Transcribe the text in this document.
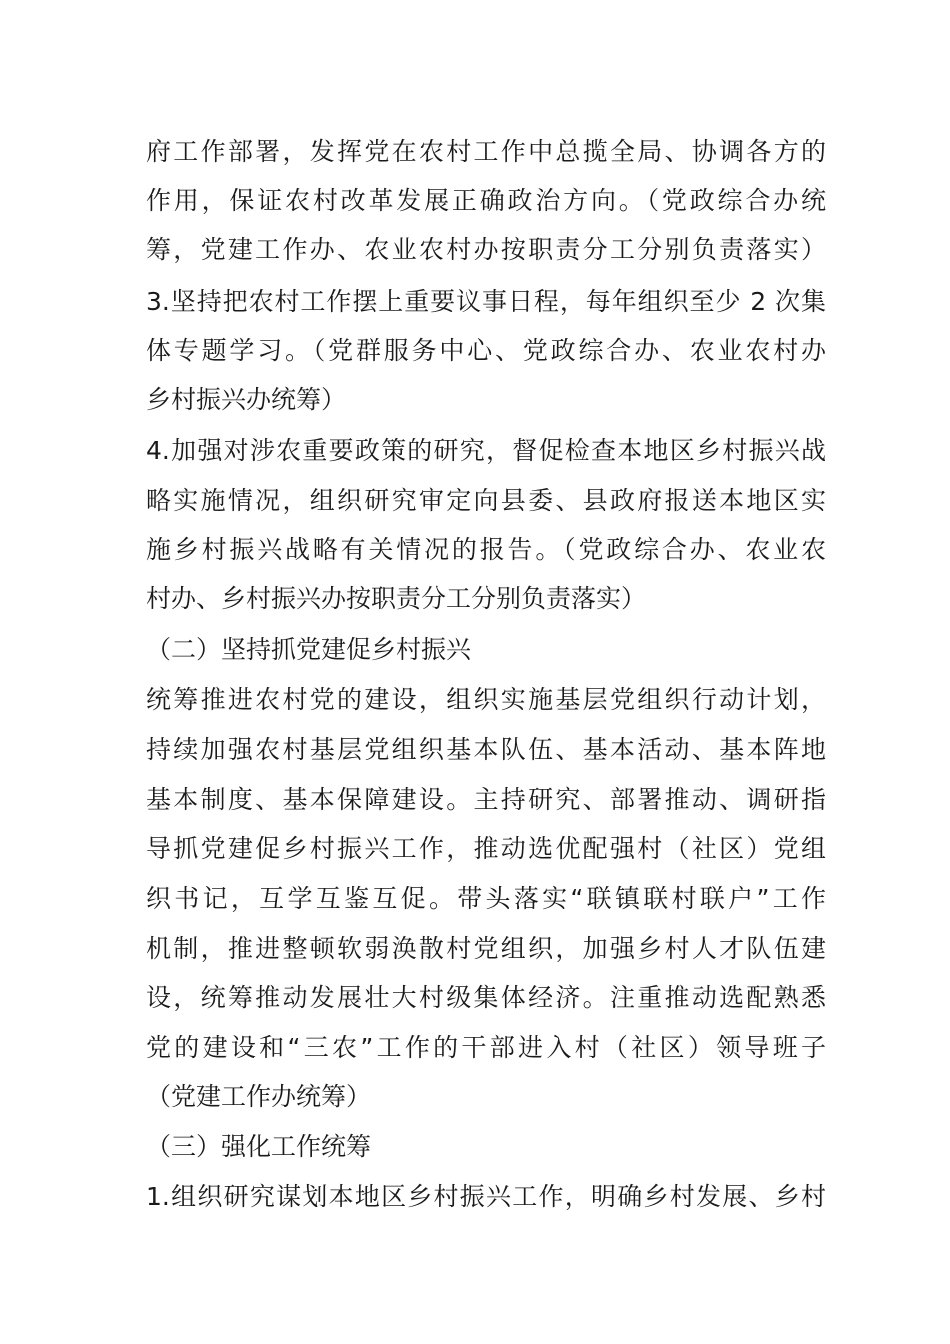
府工作部署，发挥党在农村工作中总揽全局、协调各方的
作用，保证农村改革发展正确政治方向。（党政综合办统
筹，党建工作办、农业农村办按职责分工分别负责落实）
3.坚持把农村工作摆上重要议事日程，每年组织至少 2 次集
体专题学习。（党群服务中心、党政综合办、农业农村办
乡村振兴办统筹）
4.加强对涉农重要政策的研究，督促检查本地区乡村振兴战
略实施情况，组织研究审定向县委、县政府报送本地区实
施乡村振兴战略有关情况的报告。（党政综合办、农业农
村办、乡村振兴办按职责分工分别负责落实）
（二）坚持抓党建促乡村振兴
统筹推进农村党的建设，组织实施基层党组织行动计划，
持续加强农村基层党组织基本队伍、基本活动、基本阵地
基本制度、基本保障建设。主持研究、部署推动、调研指
导抓党建促乡村振兴工作，推动选优配强村（社区）党组
织书记，互学互鉴互促。带头落实“联镇联村联户”工作
机制，推进整顿软弱涣散村党组织，加强乡村人才队伍建
设，统筹推动发展壮大村级集体经济。注重推动选配熟悉
党的建设和“三农”工作的干部进入村（社区）领导班子
（党建工作办统筹）
（三）强化工作统筹
1.组织研究谋划本地区乡村振兴工作，明确乡村发展、乡村
